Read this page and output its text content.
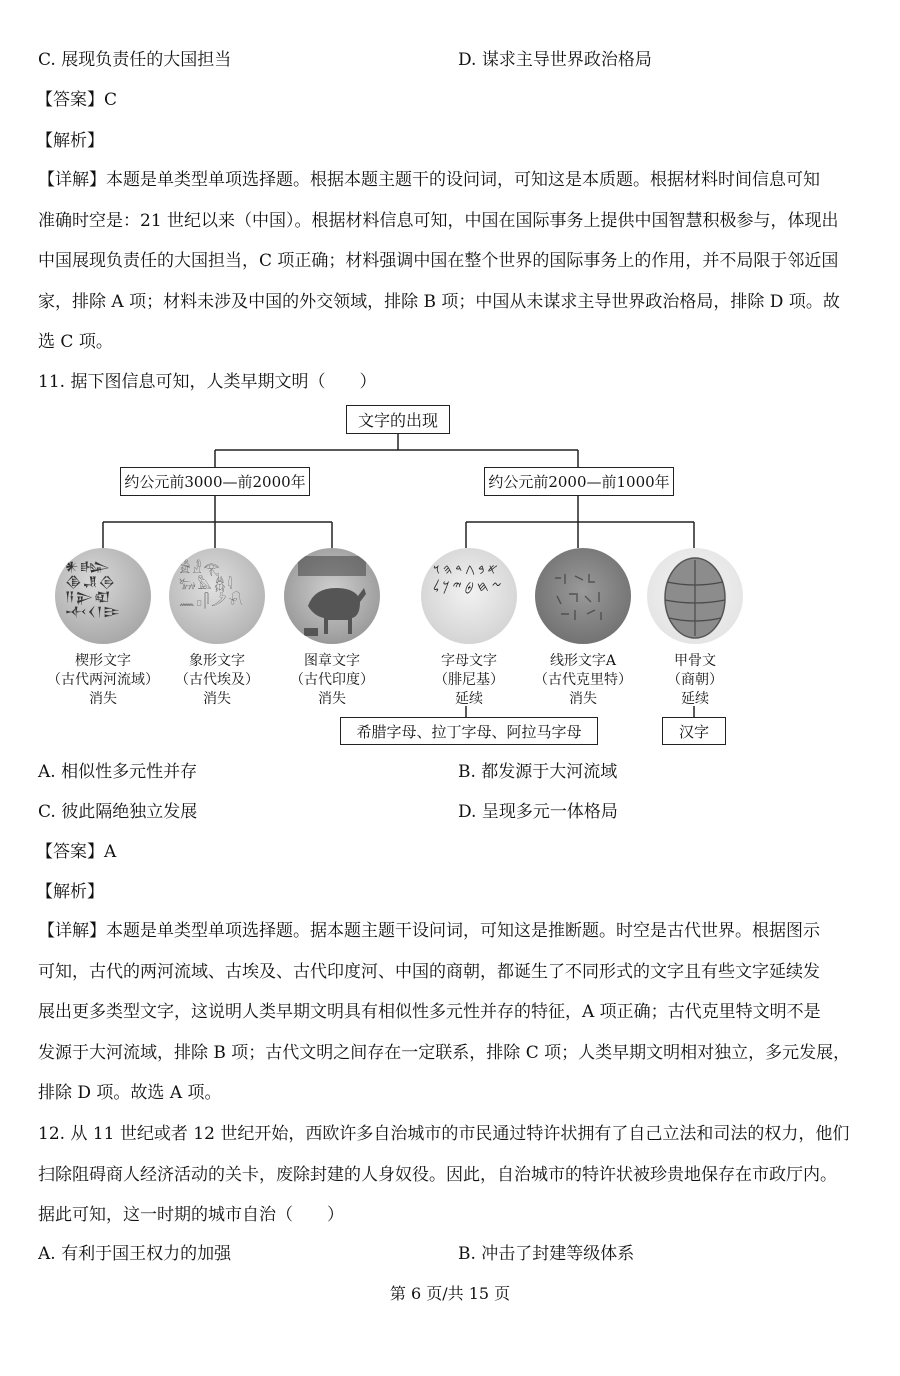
C. 展现负责任的大国担当	D. 谋求主导世界政治格局
【答案】C
【解析】
【详解】本题是单类型单项选择题。根据本题主题干的设问词，可知这是本质题。根据材料时间信息可知
准确时空是：21 世纪以来（中国）。根据材料信息可知，中国在国际事务上提供中国智慧积极参与，体现出
中国展现负责任的大国担当，C 项正确；材料强调中国在整个世界的国际事务上的作用，并不局限于邻近国
家，排除 A 项；材料未涉及中国的外交领域，排除 B 项；中国从未谋求主导世界政治格局，排除 D 项。故
选 C 项。
11. 据下图信息可知，人类早期文明（　　）
文字的出现
约公元前3000—前2000年	约公元前2000—前1000年
𒀭𒈗𒆠𒂗𒁲𒀀𒉌𒊏𒋾𒌋𒁹𒄿
𓀀𓁐𓂀𓃒𓅓𓆣𓇋𓈖𓊪𓋴𓌳𓍯
𐤀𐤁𐤂𐤃𐤄𐤅𐤆𐤇𐤈𐤉𐤊𐤋
楔形文字
（古代两河流域）
消失
象形文字
（古代埃及）
消失
图章文字
（古代印度）
消失
字母文字
（腓尼基）
延续
线形文字A
（古代克里特）
消失
甲骨文
（商朝）
延续
希腊字母、拉丁字母、阿拉马字母	汉字
A. 相似性多元性并存	B. 都发源于大河流域
C. 彼此隔绝独立发展	D. 呈现多元一体格局
【答案】A
【解析】
【详解】本题是单类型单项选择题。据本题主题干设问词，可知这是推断题。时空是古代世界。根据图示
可知，古代的两河流域、古埃及、古代印度河、中国的商朝，都诞生了不同形式的文字且有些文字延续发
展出更多类型文字，这说明人类早期文明具有相似性多元性并存的特征，A 项正确；古代克里特文明不是
发源于大河流域，排除 B 项；古代文明之间存在一定联系，排除 C 项；人类早期文明相对独立，多元发展，
排除 D 项。故选 A 项。
12. 从 11 世纪或者 12 世纪开始，西欧许多自治城市的市民通过特许状拥有了自己立法和司法的权力，他们
扫除阻碍商人经济活动的关卡，废除封建的人身奴役。因此，自治城市的特许状被珍贵地保存在市政厅内。
据此可知，这一时期的城市自治（　　）
A. 有利于国王权力的加强	B. 冲击了封建等级体系
第 6 页/共 15 页
